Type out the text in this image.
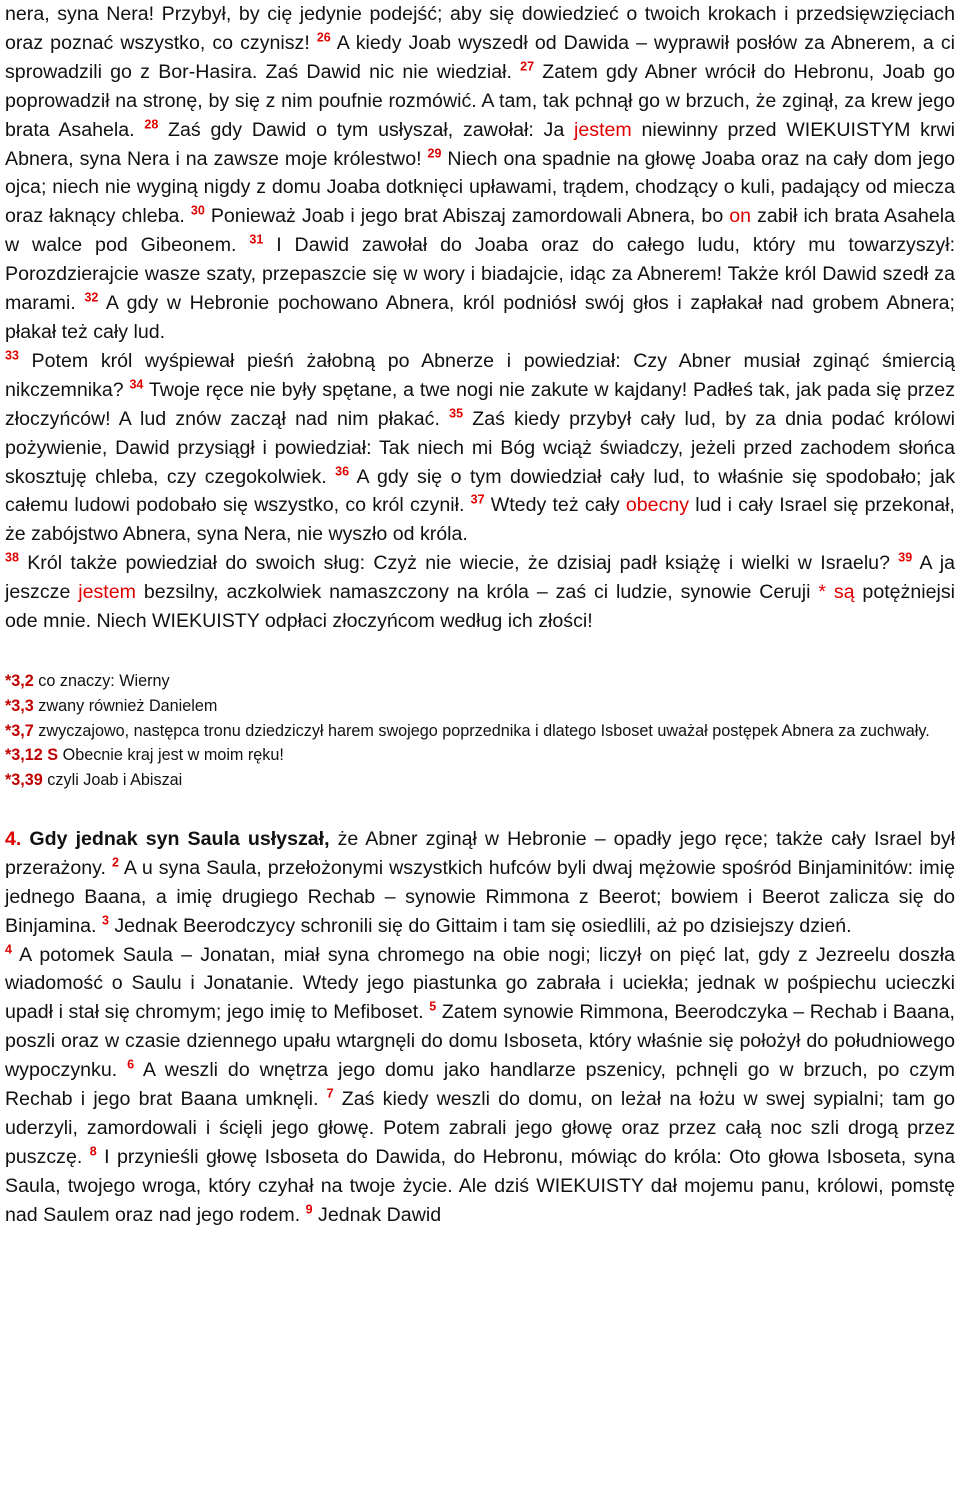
nera, syna Nera! Przybył, by cię jedynie podejść; aby się dowiedzieć o twoich krokach i przedsięwzięciach oraz poznać wszystko, co czynisz! $^{26}$ A kiedy Joab wyszedł od Dawida – wyprawił posłów za Abnerem, a ci sprowadzili go z Bor-Hasira. Zaś Dawid nic nie wiedział. $^{27}$ Zatem gdy Abner wrócił do Hebronu, Joab go poprowadził na stronę, by się z nim poufnie rozmówić. A tam, tak pchnął go w brzuch, że zginął, za krew jego brata Asahela. $^{28}$ Zaś gdy Dawid o tym usłyszał, zawołał: Ja jestem niewinny przed WIEKUISTYM krwi Abnera, syna Nera i na zawsze moje królestwo! $^{29}$ Niech ona spadnie na głowę Joaba oraz na cały dom jego ojca; niech nie wyginą nigdy z domu Joaba dotknięci upławami, trądem, chodzący o kuli, padający od miecza oraz łaknący chleba. $^{30}$ Ponieważ Joab i jego brat Abiszaj zamordowali Abnera, bo on zabił ich brata Asahela w walce pod Gibeonem. $^{31}$ I Dawid zawołał do Joaba oraz do całego ludu, który mu towarzyszył: Porozdzierajcie wasze szaty, przepaszcie się w wory i biadajcie, idąc za Abnerem! Także król Dawid szedł za marami. $^{32}$ A gdy w Hebronie pochowano Abnera, król podniósł swój głos i zapłakał nad grobem Abnera; płakał też cały lud.

$^{33}$ Potem król wyśpiewał pieśń żałobną po Abnerze i powiedział: Czy Abner musiał zginąć śmiercią nikczemnika? $^{34}$ Twoje ręce nie były spętane, a twe nogi nie zakute w kajdany! Padłeś tak, jak pada się przez złoczyńców! A lud znów zaczął nad nim płakać. $^{35}$ Zaś kiedy przybył cały lud, by za dnia podać królowi pożywienie, Dawid przysiągł i powiedział: Tak niech mi Bóg wciąż świadczy, jeżeli przed zachodem słońca skosztuję chleba, czy czegokolwiek. $^{36}$ A gdy się o tym dowiedział cały lud, to właśnie się spodobało; jak całemu ludowi podobało się wszystko, co król czynił. $^{37}$ Wtedy też cały obecny lud i cały Israel się przekonał, że zabójstwo Abnera, syna Nera, nie wyszło od króla.

$^{38}$ Król także powiedział do swoich sług: Czyż nie wiecie, że dzisiaj padł książę i wielki w Israelu? $^{39}$ A ja jeszcze jestem bezsilny, aczkolwiek namaszczony na króla – zaś ci ludzie, synowie Ceruji * są potężniejsi ode mnie. Niech WIEKUISTY odpłaci złoczyńcom według ich złości!

*3,2 co znaczy: Wierny
*3,3 zwany również Danielem
*3,7 zwyczajowo, następca tronu dziedziczył harem swojego poprzednika i dlatego Isboset uważał postępek Abnera za zuchwały.
*3,12 S Obecnie kraj jest w moim ręku!
*3,39 czyli Joab i Abiszai

4. Gdy jednak syn Saula usłyszał, że Abner zginął w Hebronie – opadły jego ręce; także cały Israel był przerażony. $^2$ A u syna Saula, przełożonymi wszystkich hufców byli dwaj mężowie spośród Binjaminitów: imię jednego Baana, a imię drugiego Rechab – synowie Rimmona z Beerot; bowiem i Beerot zalicza się do Binjamina. $^3$ Jednak Beerodczycy schronili się do Gittaim i tam się osiedlili, aż po dzisiejszy dzień.

$^4$ A potomek Saula – Jonatan, miał syna chromego na obie nogi; liczył on pięć lat, gdy z Jezreelu doszła wiadomość o Saulu i Jonatanie. Wtedy jego piastunka go zabrała i uciekła; jednak w pośpiechu ucieczki upadł i stał się chromym; jego imię to Mefiboset. $^5$ Zatem synowie Rimmona, Beerodczyka – Rechab i Baana, poszli oraz w czasie dziennego upału wtargnęli do domu Isboseta, który właśnie się położył do południowego wypoczynku. $^6$ A weszli do wnętrza jego domu jako handlarze pszenicy, pchnęli go w brzuch, po czym Rechab i jego brat Baana umknęli. $^7$ Zaś kiedy weszli do domu, on leżał na łożu w swej sypialni; tam go uderzyli, zamordowali i ścięli jego głowę. Potem zabrali jego głowę oraz przez całą noc szli drogą przez puszczę. $^8$ I przynieśli głowę Isboseta do Dawida, do Hebronu, mówiąc do króla: Oto głowa Isboseta, syna Saula, twojego wroga, który czyhał na twoje życie. Ale dziś WIEKUISTY dał mojemu panu, królowi, pomstę nad Saulem oraz nad jego rodem. $^9$ Jednak Dawid
